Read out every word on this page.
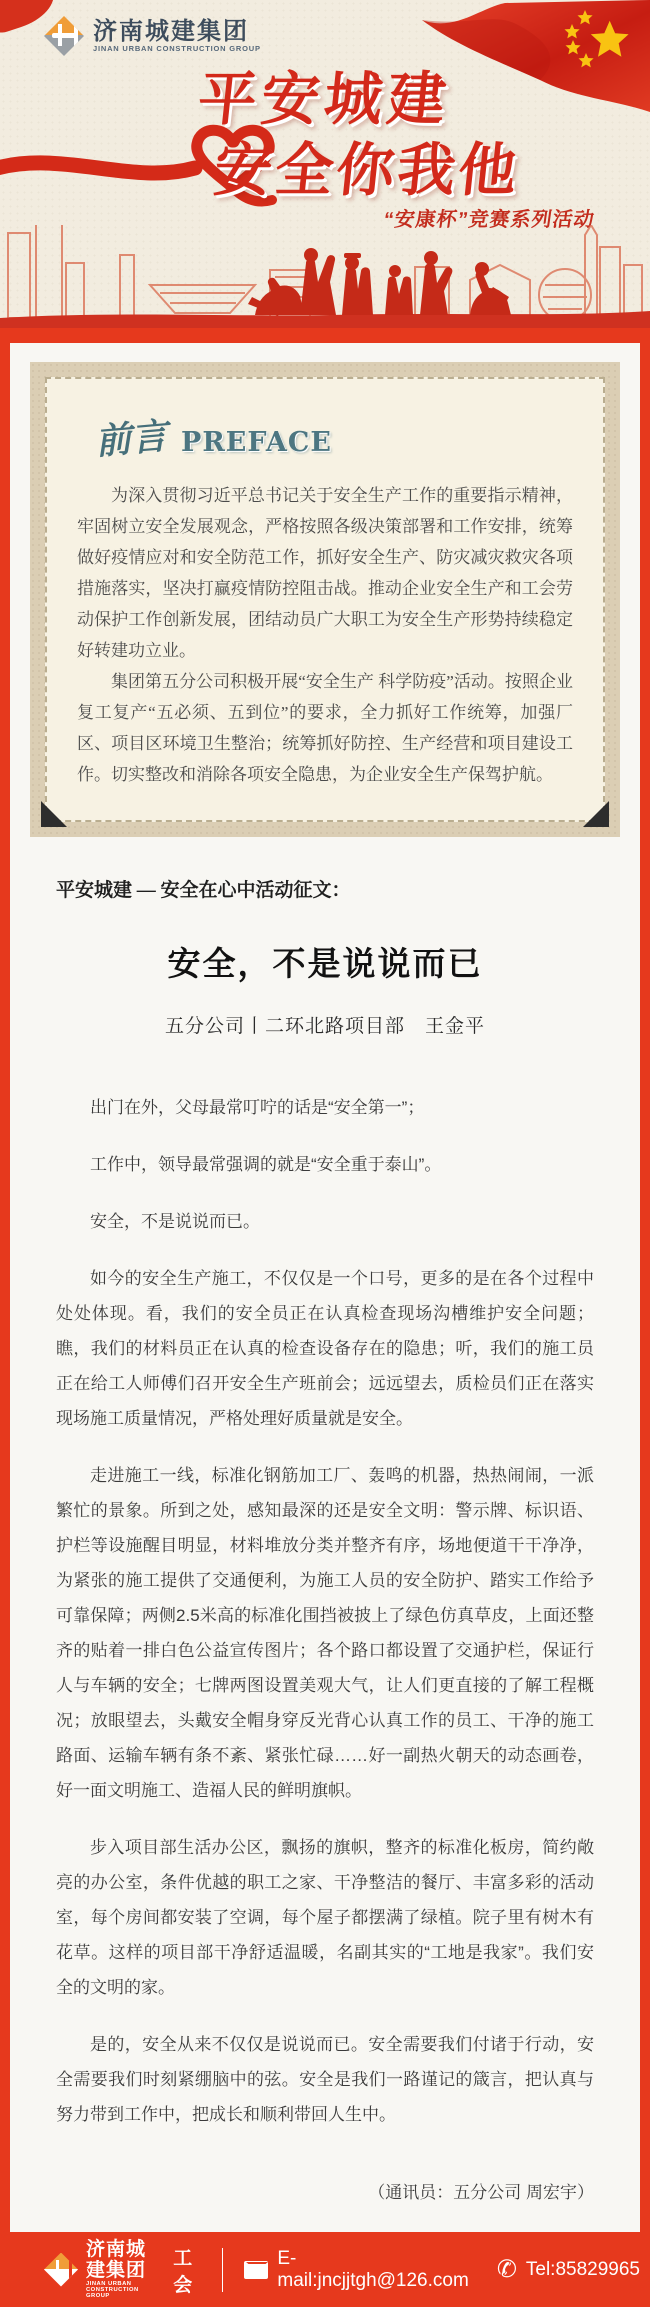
济南城建集团
JINAN URBAN CONSTRUCTION GROUP
平安城建
安全你我他
“安康杯”竞赛系列活动
前言 PREFACE

为深入贯彻习近平总书记关于安全生产工作的重要指示精神，牢固树立安全发展观念，严格按照各级决策部署和工作安排，统筹做好疫情应对和安全防范工作，抓好安全生产、防灾减灾救灾各项措施落实，坚决打赢疫情防控阻击战。推动企业安全生产和工会劳动保护工作创新发展，团结动员广大职工为安全生产形势持续稳定好转建功立业。

集团第五分公司积极开展“安全生产 科学防疫”活动。按照企业复工复产“五必须、五到位”的要求，全力抓好工作统筹，加强厂区、项目区环境卫生整治；统筹抓好防控、生产经营和项目建设工作。切实整改和消除各项安全隐患，为企业安全生产保驾护航。

平安城建 — 安全在心中活动征文：
安全，不是说说而已
五分公司丨二环北路项目部　王金平

出门在外，父母最常叮咛的话是“安全第一”；

工作中，领导最常强调的就是“安全重于泰山”。

安全，不是说说而已。

如今的安全生产施工，不仅仅是一个口号，更多的是在各个过程中处处体现。看，我们的安全员正在认真检查现场沟槽维护安全问题；瞧，我们的材料员正在认真的检查设备存在的隐患；听，我们的施工员正在给工人师傅们召开安全生产班前会；远远望去，质检员们正在落实现场施工质量情况，严格处理好质量就是安全。

走进施工一线，标准化钢筋加工厂、轰鸣的机器，热热闹闹，一派繁忙的景象。所到之处，感知最深的还是安全文明：警示牌、标识语、护栏等设施醒目明显，材料堆放分类并整齐有序，场地便道干干净净，为紧张的施工提供了交通便利，为施工人员的安全防护、踏实工作给予可靠保障；两侧2.5米高的标准化围挡被披上了绿色仿真草皮，上面还整齐的贴着一排白色公益宣传图片；各个路口都设置了交通护栏，保证行人与车辆的安全；七牌两图设置美观大气，让人们更直接的了解工程概况；放眼望去，头戴安全帽身穿反光背心认真工作的员工、干净的施工路面、运输车辆有条不紊、紧张忙碌……好一副热火朝天的动态画卷，好一面文明施工、造福人民的鲜明旗帜。

步入项目部生活办公区，飘扬的旗帜，整齐的标准化板房，简约敞亮的办公室，条件优越的职工之家、干净整洁的餐厅、丰富多彩的活动室，每个房间都安装了空调，每个屋子都摆满了绿植。院子里有树木有花草。这样的项目部干净舒适温暖，名副其实的“工地是我家”。我们安全的文明的家。

是的，安全从来不仅仅是说说而已。安全需要我们付诸于行动，安全需要我们时刻紧绷脑中的弦。安全是我们一路谨记的箴言，把认真与努力带到工作中，把成长和顺利带回人生中。

（通讯员：五分公司 周宏宇）
济南城建集团
JINAN URBAN CONSTRUCTION GROUP
工会
E-mail:jncjjtgh@126.com
✆
Tel:85829965
